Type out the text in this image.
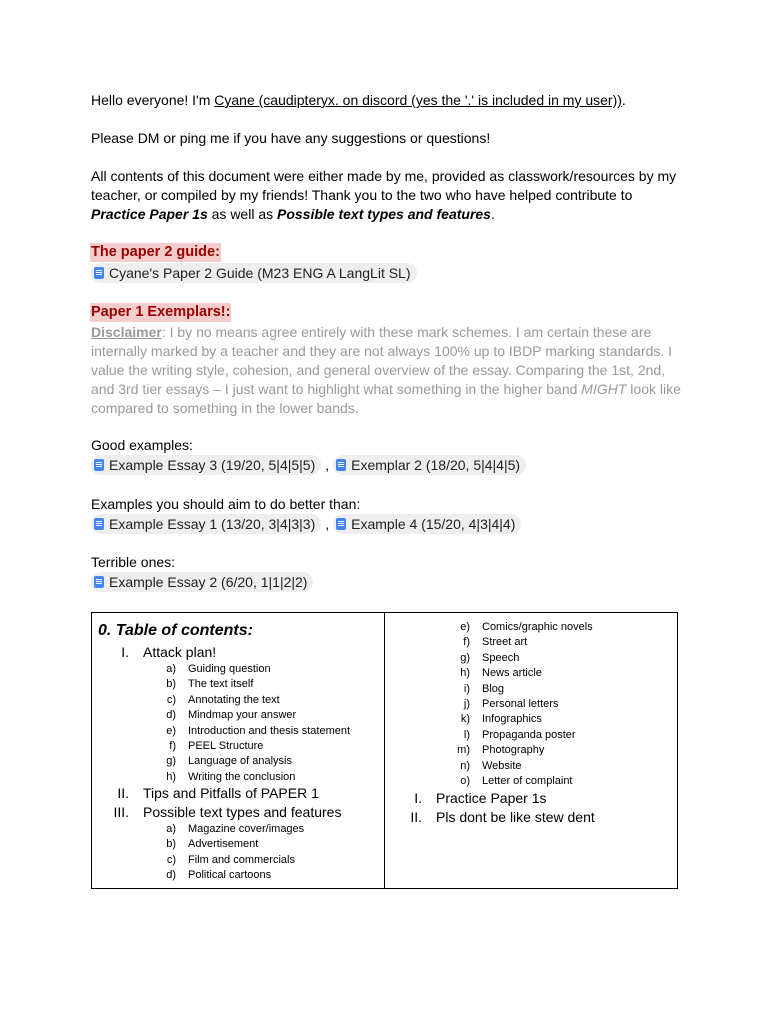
Hello everyone! I'm Cyane (caudipteryx. on discord (yes the '.' is included in my user)).

Please DM or ping me if you have any suggestions or questions!

All contents of this document were either made by me, provided as classwork/resources by my

teacher, or compiled by my friends! Thank you to the two who have helped contribute to

Practice Paper 1s as well as Possible text types and features.

The paper 2 guide:
Cyane's Paper 2 Guide (M23 ENG A LangLit SL)
Paper 1 Exemplars!:

Disclaimer: I by no means agree entirely with these mark schemes. I am certain these are

internally marked by a teacher and they are not always 100% up to IBDP marking standards. I

value the writing style, cohesion, and general overview of the essay. Comparing the 1st, 2nd,

and 3rd tier essays – I just want to highlight what something in the higher band MIGHT look like

compared to something in the lower bands.

Good examples:

Example Essay 3 (19/20, 5|4|5|5) , Exemplar 2 (18/20, 5|4|4|5)

Examples you should aim to do better than:

Example Essay 1 (13/20, 3|4|3|3) , Example 4 (15/20, 4|3|4|4)

Terrible ones:

Example Essay 2 (6/20, 1|1|2|2)
0. Table of contents:
I. Attack plan!
a) Guiding question
b) The text itself
c) Annotating the text
d) Mindmap your answer
e) Introduction and thesis statement
f) PEEL Structure
g) Language of analysis
h) Writing the conclusion
II. Tips and Pitfalls of PAPER 1
III. Possible text types and features
a) Magazine cover/images
b) Advertisement
c) Film and commercials
d) Political cartoons
e) Comics/graphic novels
f) Street art
g) Speech
h) News article
i) Blog
j) Personal letters
k) Infographics
l) Propaganda poster
m) Photography
n) Website
o) Letter of complaint
I. Practice Paper 1s
II. Pls dont be like stew dent
